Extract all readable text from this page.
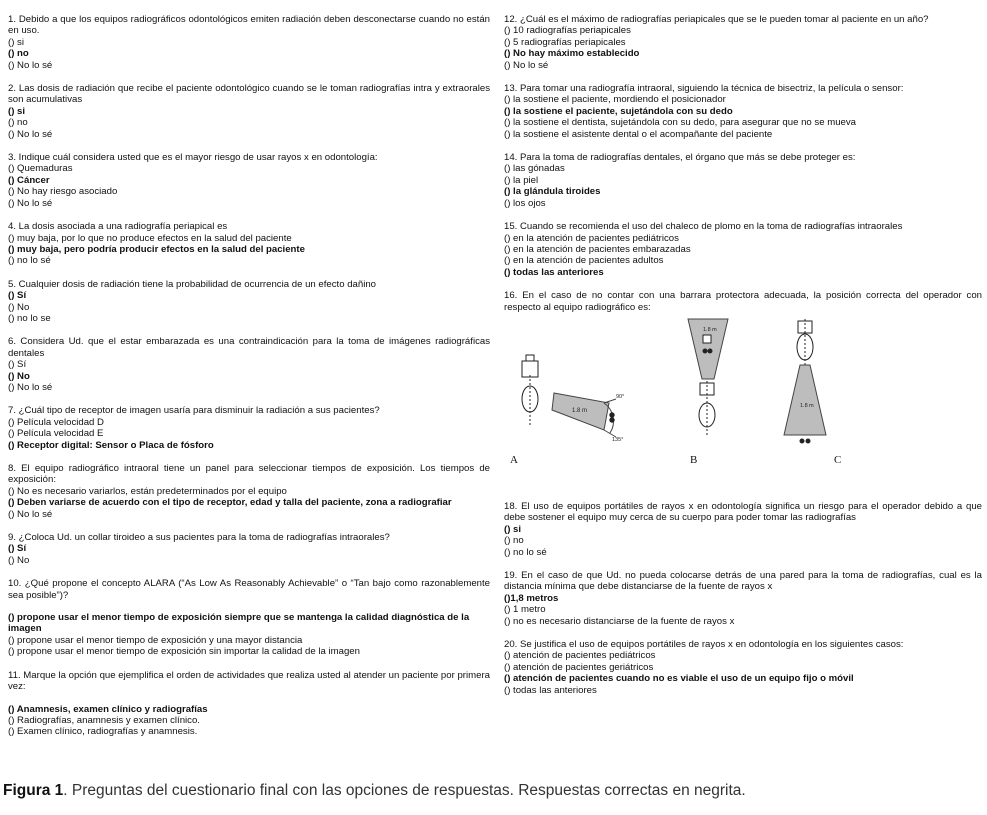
1. Debido a que los equipos radiográficos odontológicos emiten radiación deben desconectarse cuando no están en uso.
() si
() no
() No lo sé
2. Las dosis de radiación que recibe el paciente odontológico cuando se le toman radiografías intra y extraorales son acumulativas
() si
() no
() No lo sé
3. Indique cuál considera usted que es el mayor riesgo de usar rayos x en odontología:
() Quemaduras
() Cáncer
() No hay riesgo asociado
() No lo sé
4. La dosis asociada a una radiografía periapical es
() muy baja, por lo que no produce efectos en la salud del paciente
() muy baja, pero podría producir efectos en la salud del paciente
() no lo sé
5. Cualquier dosis de radiación tiene la probabilidad de ocurrencia de un efecto dañino
() Sí
() No
() no lo se
6. Considera Ud. que el estar embarazada es una contraindicación para la toma de imágenes radiográficas dentales
() Sí
() No
() No lo sé
7. ¿Cuál tipo de receptor de imagen usaría para disminuir la radiación a sus pacientes?
() Película velocidad D
() Película velocidad E
() Receptor digital: Sensor o Placa de fósforo
8. El equipo radiográfico intraoral tiene un panel para seleccionar tiempos de exposición. Los tiempos de exposición:
() No es necesario variarlos, están predeterminados por el equipo
() Deben variarse de acuerdo con el tipo de receptor, edad y talla del paciente, zona a radiografiar
() No lo sé
9. ¿Coloca Ud. un collar tiroideo a sus pacientes para la toma de radiografías intraorales?
() Sí
() No
10. ¿Qué propone el concepto ALARA (“As Low As Reasonably Achievable” o “Tan bajo como razonablemente sea posible”)?
() propone usar el menor tiempo de exposición siempre que se mantenga la calidad diagnóstica de la imagen
() propone usar el menor tiempo de exposición y una mayor distancia
() propone usar el menor tiempo de exposición sin importar la calidad de la imagen
11. Marque la opción que ejemplifica el orden de actividades que realiza usted al atender un paciente por primera vez:
() Anamnesis, examen clínico y radiografías
() Radiografías, anamnesis y examen clínico.
() Examen clínico, radiografías y anamnesis.
12. ¿Cuál es el máximo de radiografías periapicales que se le pueden tomar al paciente en un año?
() 10 radiografías periapicales
() 5 radiografías periapicales
() No hay máximo establecido
() No lo sé
13. Para tomar una radiografía intraoral, siguiendo la técnica de bisectriz, la película o sensor:
() la sostiene el paciente, mordiendo el posicionador
() la sostiene el paciente, sujetándola con su dedo
() la sostiene el dentista, sujetándola con su dedo, para asegurar que no se mueva
() la sostiene el asistente dental o el acompañante del paciente
14. Para la toma de radiografías dentales, el órgano que más se debe proteger es:
() las gónadas
() la piel
() la glándula tiroides
() los ojos
15. Cuando se recomienda el uso del chaleco de plomo en la toma de radiografías intraorales
() en la atención de pacientes pediátricos
() en la atención de pacientes embarazadas
() en la atención de pacientes adultos
() todas las anteriores
16. En el caso de no contar con una barrara protectora adecuada, la posición correcta del operador con respecto al equipo radiográfico es:
1.8 m
90°
135°
A
1.8 m
B
1.8 m
C
18. El uso de equipos portátiles de rayos x en odontología significa un riesgo para el operador debido a que debe sostener el equipo muy cerca de su cuerpo para poder tomar las radiografías
() si
() no
() no lo sé
19. En el caso de que Ud. no pueda colocarse detrás de una pared para la toma de radiografías, cual es la distancia mínima que debe distanciarse de la fuente de rayos x
()1,8 metros
() 1 metro
() no es necesario distanciarse de la fuente de rayos x
20. Se justifica el uso de equipos portátiles de rayos x en odontología en los siguientes casos:
() atención de pacientes pediátricos
() atención de pacientes geriátricos
() atención de pacientes cuando no es viable el uso de un equipo fijo o móvil
() todas las anteriores
Figura 1. Preguntas del cuestionario final con las opciones de respuestas. Respuestas correctas en negrita.
